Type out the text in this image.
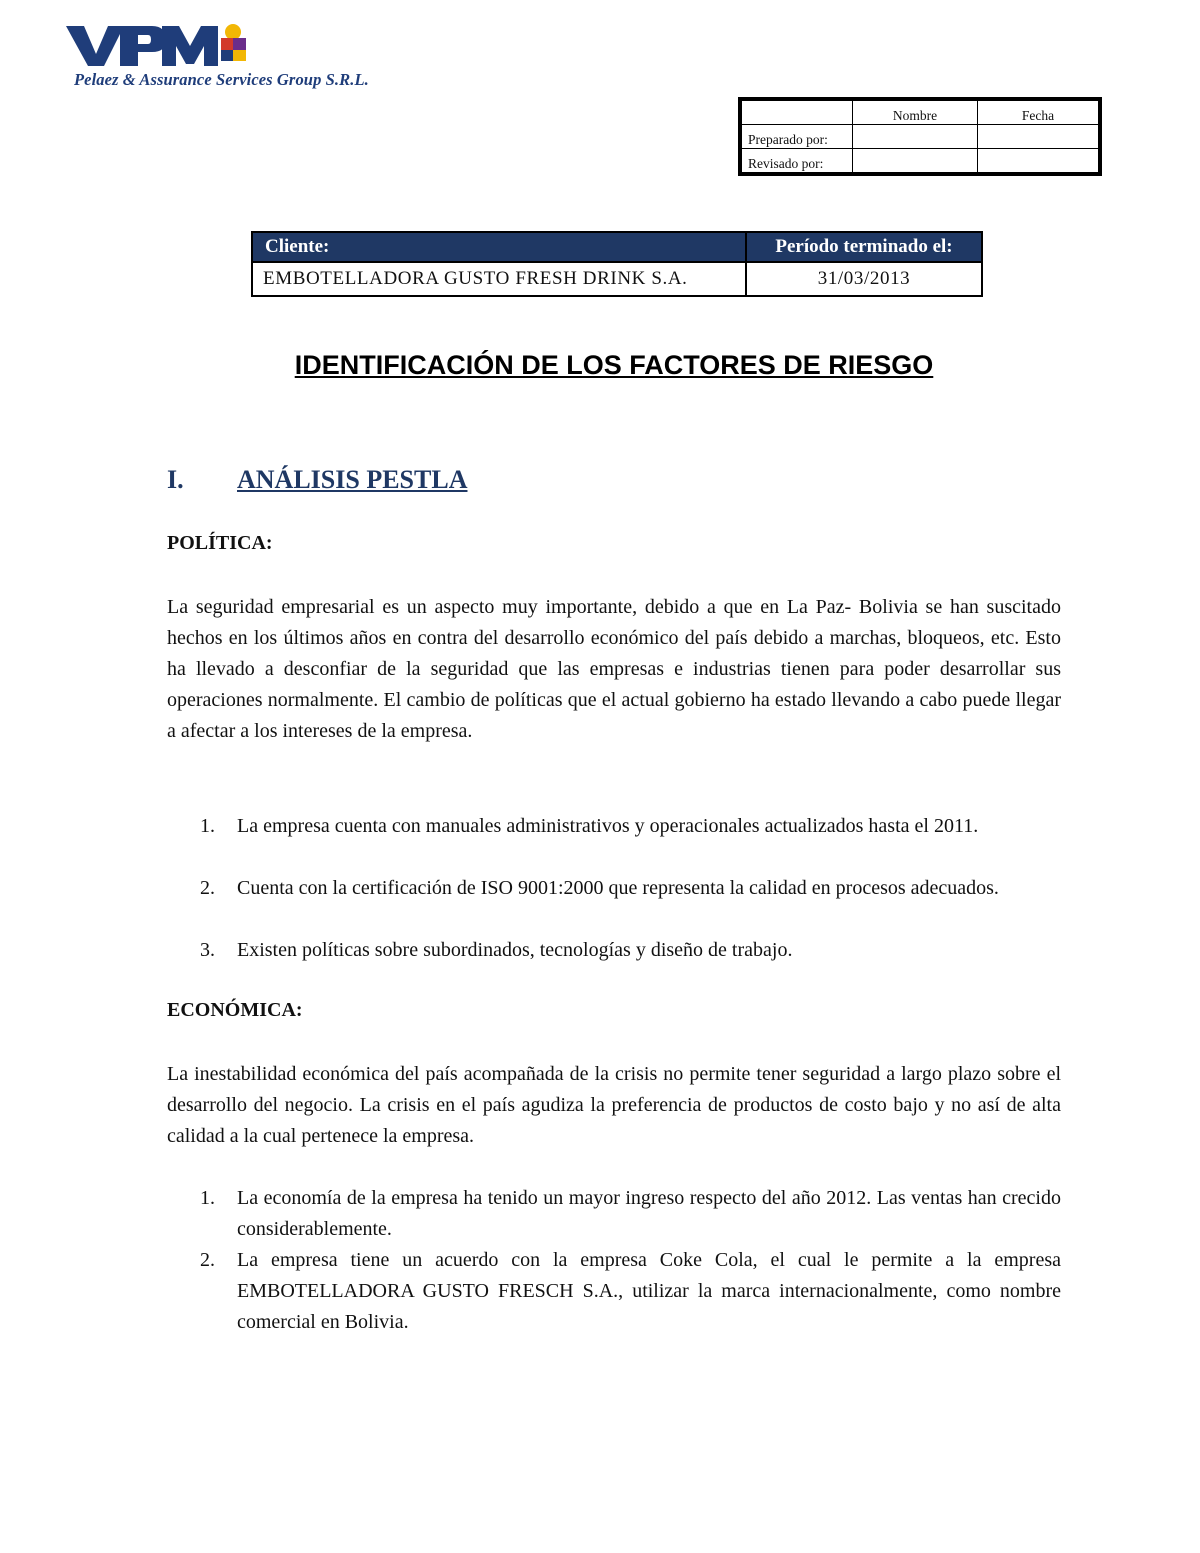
Pelaez & Assurance Services Group S.R.L.
	Nombre	Fecha
Preparado por:		
Revisado por:		
Cliente:	Período terminado el:
EMBOTELLADORA GUSTO FRESH DRINK S.A.	31/03/2013
IDENTIFICACIÓN DE LOS FACTORES DE RIESGO
I. ANÁLISIS PESTLA
POLÍTICA:
La seguridad empresarial es un aspecto muy importante, debido a que en La Paz- Bolivia se han suscitado hechos en los últimos años en contra del desarrollo económico del país debido a marchas, bloqueos, etc. Esto ha llevado a desconfiar de la seguridad que las empresas e industrias tienen para poder desarrollar sus operaciones normalmente. El cambio de políticas que el actual gobierno ha estado llevando a cabo puede llegar a afectar a los intereses de la empresa.
1. La empresa cuenta con manuales administrativos y operacionales actualizados hasta el 2011.
2. Cuenta con la certificación de ISO 9001:2000 que representa la calidad en procesos adecuados.
3. Existen políticas sobre subordinados, tecnologías y diseño de trabajo.
ECONÓMICA:
La inestabilidad económica del país acompañada de la crisis no permite tener seguridad a largo plazo sobre el desarrollo del negocio. La crisis en el país agudiza la preferencia de productos de costo bajo y no así de alta calidad a la cual pertenece la empresa.
1. La economía de la empresa ha tenido un mayor ingreso respecto del año 2012. Las ventas han crecido considerablemente.
2. La empresa tiene un acuerdo con la empresa Coke Cola, el cual le permite a la empresa EMBOTELLADORA GUSTO FRESCH S.A., utilizar la marca internacionalmente, como nombre comercial en Bolivia.
